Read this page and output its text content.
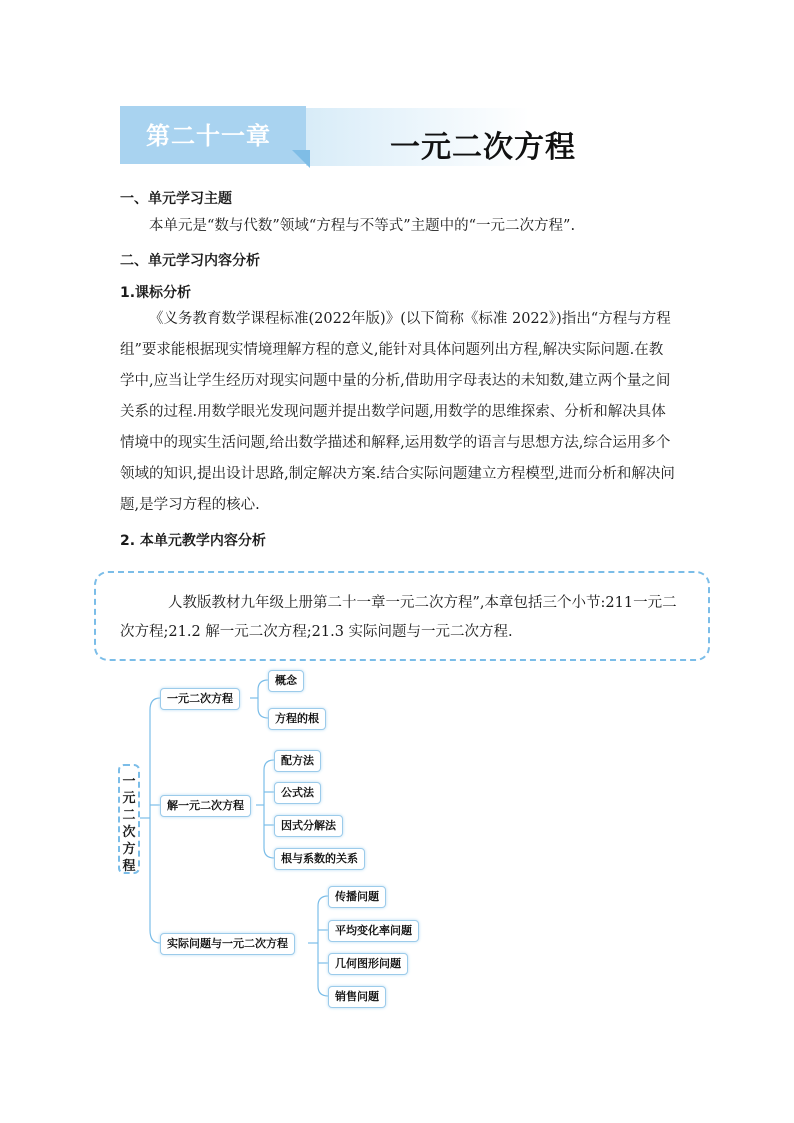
第二十一章	一元二次方程
一、单元学习主题
本单元是“数与代数”领域“方程与不等式”主题中的“一元二次方程”.
二、单元学习内容分析
1.课标分析
《义务教育数学课程标准(2022年版)》(以下简称《标准 2022》)指出“方程与方程组”要求能根据现实情境理解方程的意义,能针对具体问题列出方程,解决实际问题.在教学中,应当让学生经历对现实问题中量的分析,借助用字母表达的未知数,建立两个量之间关系的过程.用数学眼光发现问题并提出数学问题,用数学的思维探索、分析和解决具体情境中的现实生活问题,给出数学描述和解释,运用数学的语言与思想方法,综合运用多个领域的知识,提出设计思路,制定解决方案.结合实际问题建立方程模型,进而分析和解决问题,是学习方程的核心.
2. 本单元教学内容分析

人教版教材九年级上册第二十一章一元二次方程”,本章包括三个小节:211一元二次方程;21.2 解一元二次方程;21.3 实际问题与一元二次方程.

一
元
二
次
方
程
一元二次方程
解一元二次方程
实际问题与一元二次方程
概念
方程的根
配方法
公式法
因式分解法
根与系数的关系
传播问题
平均变化率问题
几何图形问题
销售问题
